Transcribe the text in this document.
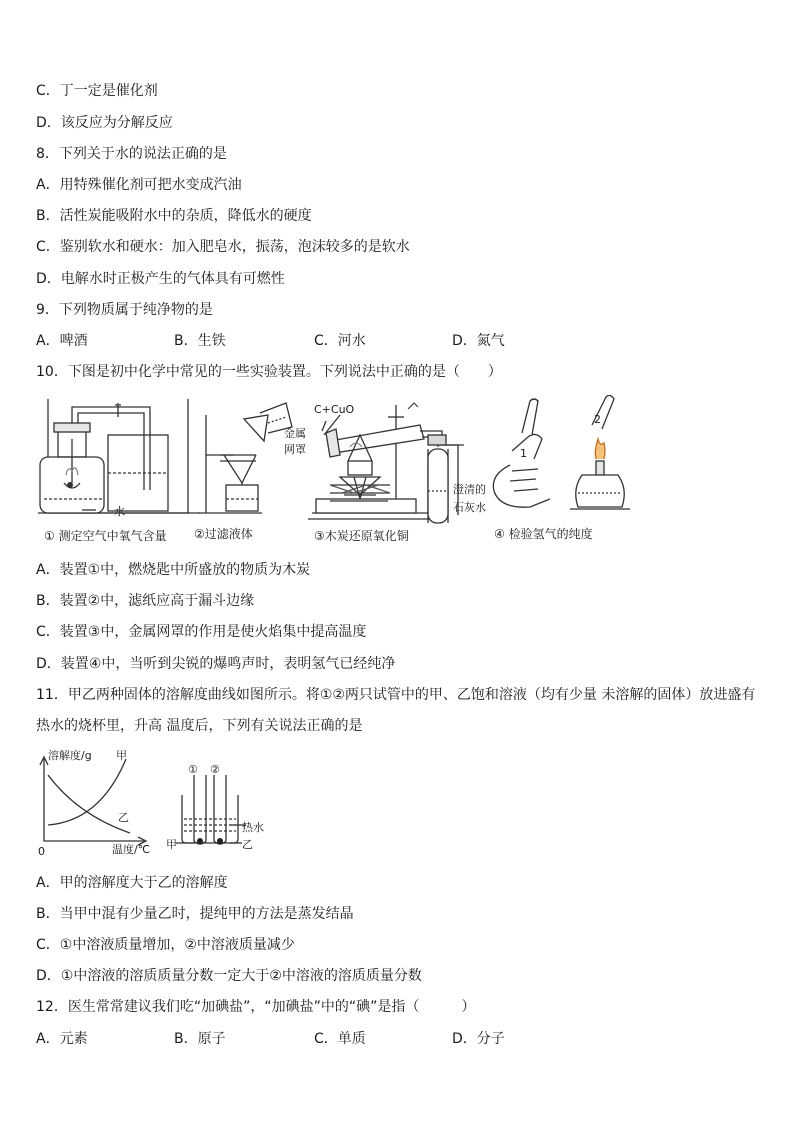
C．丁一定是催化剂
D．该反应为分解反应
8．下列关于水的说法正确的是
A．用特殊催化剂可把水变成汽油
B．活性炭能吸附水中的杂质，降低水的硬度
C．鉴别软水和硬水：加入肥皂水，振荡，泡沫较多的是软水
D．电解水时正极产生的气体具有可燃性
9．下列物质属于纯净物的是
A．啤酒	B．生铁	C．河水	D．氮气
10．下图是初中化学中常见的一些实验装置。下列说法中正确的是（　　）
水
C+CuO
金属
网罩
澄清的
石灰水
1
2
① 测定空气中氧气含量 ②过滤液体	③木炭还原氧化铜	④ 检验氢气的纯度
A．装置①中，燃烧匙中所盛放的物质为木炭
B．装置②中，滤纸应高于漏斗边缘
C．装置③中，金属网罩的作用是使火焰集中提高温度
D．装置④中，当听到尖锐的爆鸣声时，表明氢气已经纯净
11．甲乙两种固体的溶解度曲线如图所示。将①②两只试管中的甲、乙饱和溶液（均有少量 未溶解的固体）放进盛有
热水的烧杯里，升高 温度后，下列有关说法正确的是
溶解度/g
温度/℃
0
甲
乙
① ②
热水
甲	乙
A．甲的溶解度大于乙的溶解度
B．当甲中混有少量乙时，提纯甲的方法是蒸发结晶
C．①中溶液质量增加，②中溶液质量减少
D．①中溶液的溶质质量分数一定大于②中溶液的溶质质量分数
12．医生常常建议我们吃“加碘盐”，“加碘盐”中的“碘”是指（　　　）
A．元素	B．原子	C．单质	D．分子
